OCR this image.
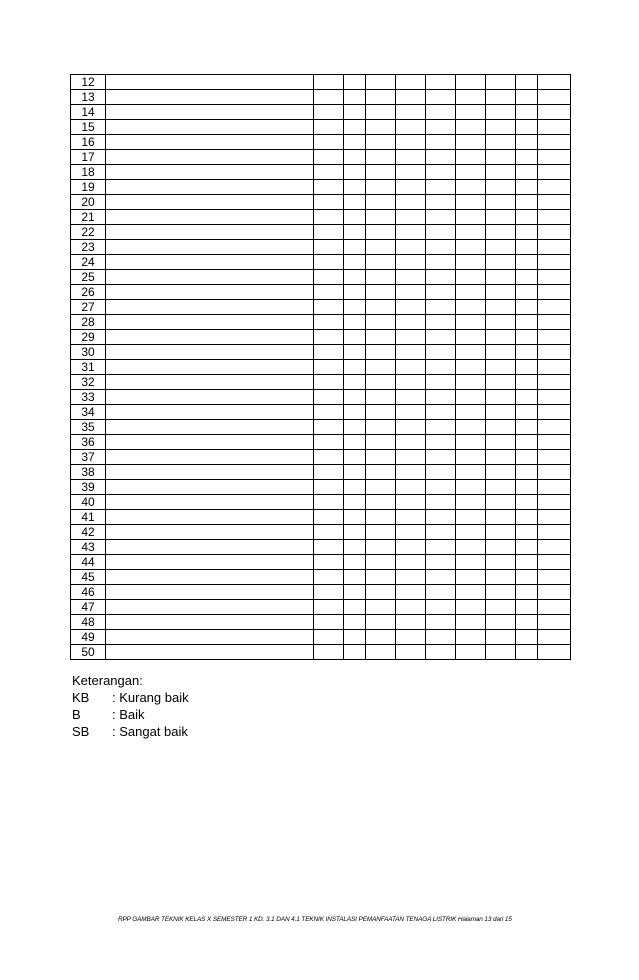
12										
13										
14										
15										
16										
17										
18										
19										
20										
21										
22										
23										
24										
25										
26										
27										
28										
29										
30										
31										
32										
33										
34										
35										
36										
37										
38										
39										
40										
41										
42										
43										
44										
45										
46										
47										
48										
49										
50										
Keterangan:
KB	: Kurang baik
B	: Baik
SB	: Sangat baik
RPP GAMBAR TEKNIK KELAS X SEMESTER 1 KD. 3.1 DAN 4.1 TEKNIK INSTALASI PEMANFAATAN TENAGA LISTRIK Halaman 13 dari 15
